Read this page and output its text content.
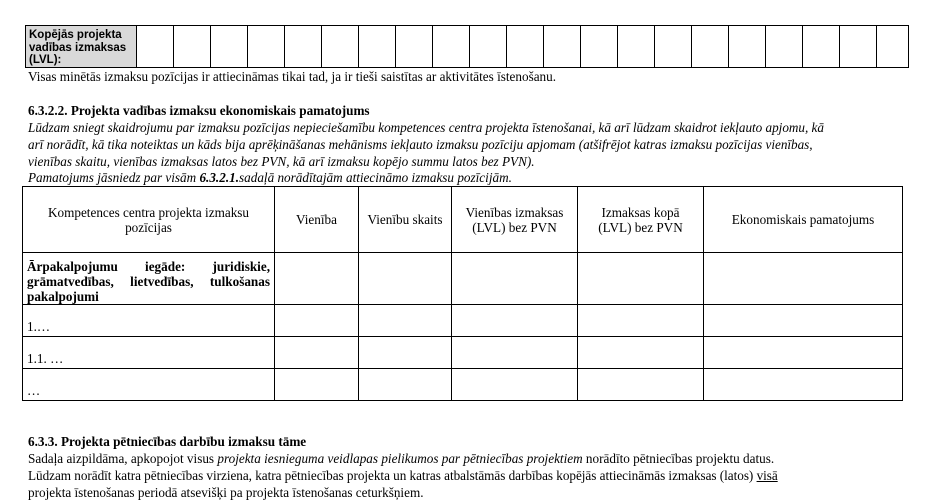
Kopējās projekta vadības izmaksas (LVL):																					
Visas minētās izmaksu pozīcijas ir attiecināmas tikai tad, ja ir tieši saistītas ar aktivitātes īstenošanu.
6.3.2.2. Projekta vadības izmaksu ekonomiskais pamatojums
Lūdzam sniegt skaidrojumu par izmaksu pozīcijas nepieciešamību kompetences centra projekta īstenošanai, kā arī lūdzam skaidrot iekļauto apjomu, kā
arī norādīt, kā tika noteiktas un kāds bija aprēķināšanas mehānisms iekļauto izmaksu pozīciju apjomam (atšifrējot katras izmaksu pozīcijas vienības,
vienības skaitu, vienības izmaksas latos bez PVN, kā arī izmaksu kopējo summu latos bez PVN).
Pamatojums jāsniedz par visām 6.3.2.1.sadaļā norādītajām attiecināmo izmaksu pozīcijām.
Kompetences centra projekta izmaksu pozīcijas	Vienība	Vienību skaits	Vienības izmaksas (LVL) bez PVN	Izmaksas kopā (LVL) bez PVN	Ekonomiskais pamatojums
Ārpakalpojumu iegāde: juridiskie, grāmatvedības, lietvedības, tulkošanas pakalpojumi					
1.…					
1.1. …					
…					
6.3.3. Projekta pētniecības darbību izmaksu tāme
Sadaļa aizpildāma, apkopojot visus projekta iesnieguma veidlapas pielikumos par pētniecības projektiem norādīto pētniecības projektu datus.
Lūdzam norādīt katra pētniecības virziena, katra pētniecības projekta un katras atbalstāmās darbības kopējās attiecināmās izmaksas (latos) visā
projekta īstenošanas periodā atsevišķi pa projekta īstenošanas ceturkšņiem.
